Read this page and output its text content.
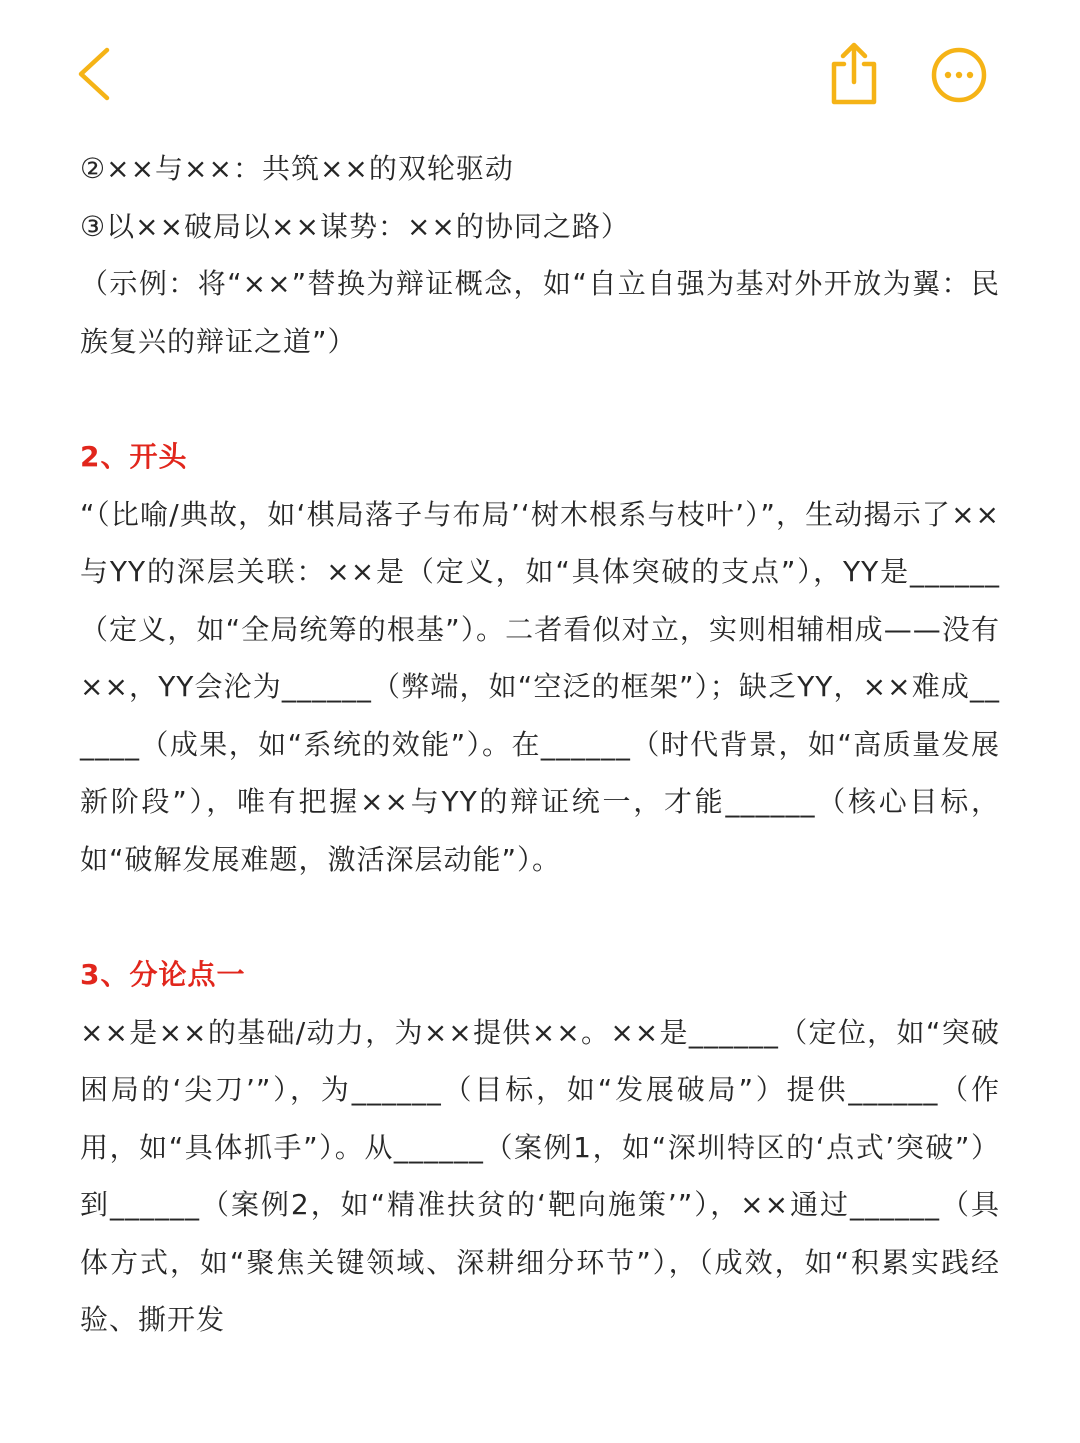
②××与××：共筑××的双轮驱动

③以××破局以××谋势：××的协同之路）

（示例：将“××”替换为辩证概念，如“自立自强为基对外开放为翼：民族复兴的辩证之道”）

2、开头

“（比喻/典故，如‘棋局落子与布局’‘树木根系与枝叶’）”，生动揭示了××与YY的深层关联：××是（定义，如“具体突破的支点”），YY是______（定义，如“全局统筹的根基”）。二者看似对立，实则相辅相成——没有××，YY会沦为______（弊端，如“空泛的框架”）；缺乏YY，××难成______（成果，如“系统的效能”）。在______（时代背景，如“高质量发展新阶段”），唯有把握××与YY的辩证统一，才能______（核心目标，如“破解发展难题，激活深层动能”）。

3、分论点一

××是××的基础/动力，为××提供××。××是______（定位，如“突破困局的‘尖刀’”），为______（目标，如“发展破局”）提供______（作用，如“具体抓手”）。从______（案例1，如“深圳特区的‘点式’突破”）到______（案例2，如“精准扶贫的‘靶向施策’”），××通过______（具体方式，如“聚焦关键领域、深耕细分环节”），（成效，如“积累实践经验、撕开发
